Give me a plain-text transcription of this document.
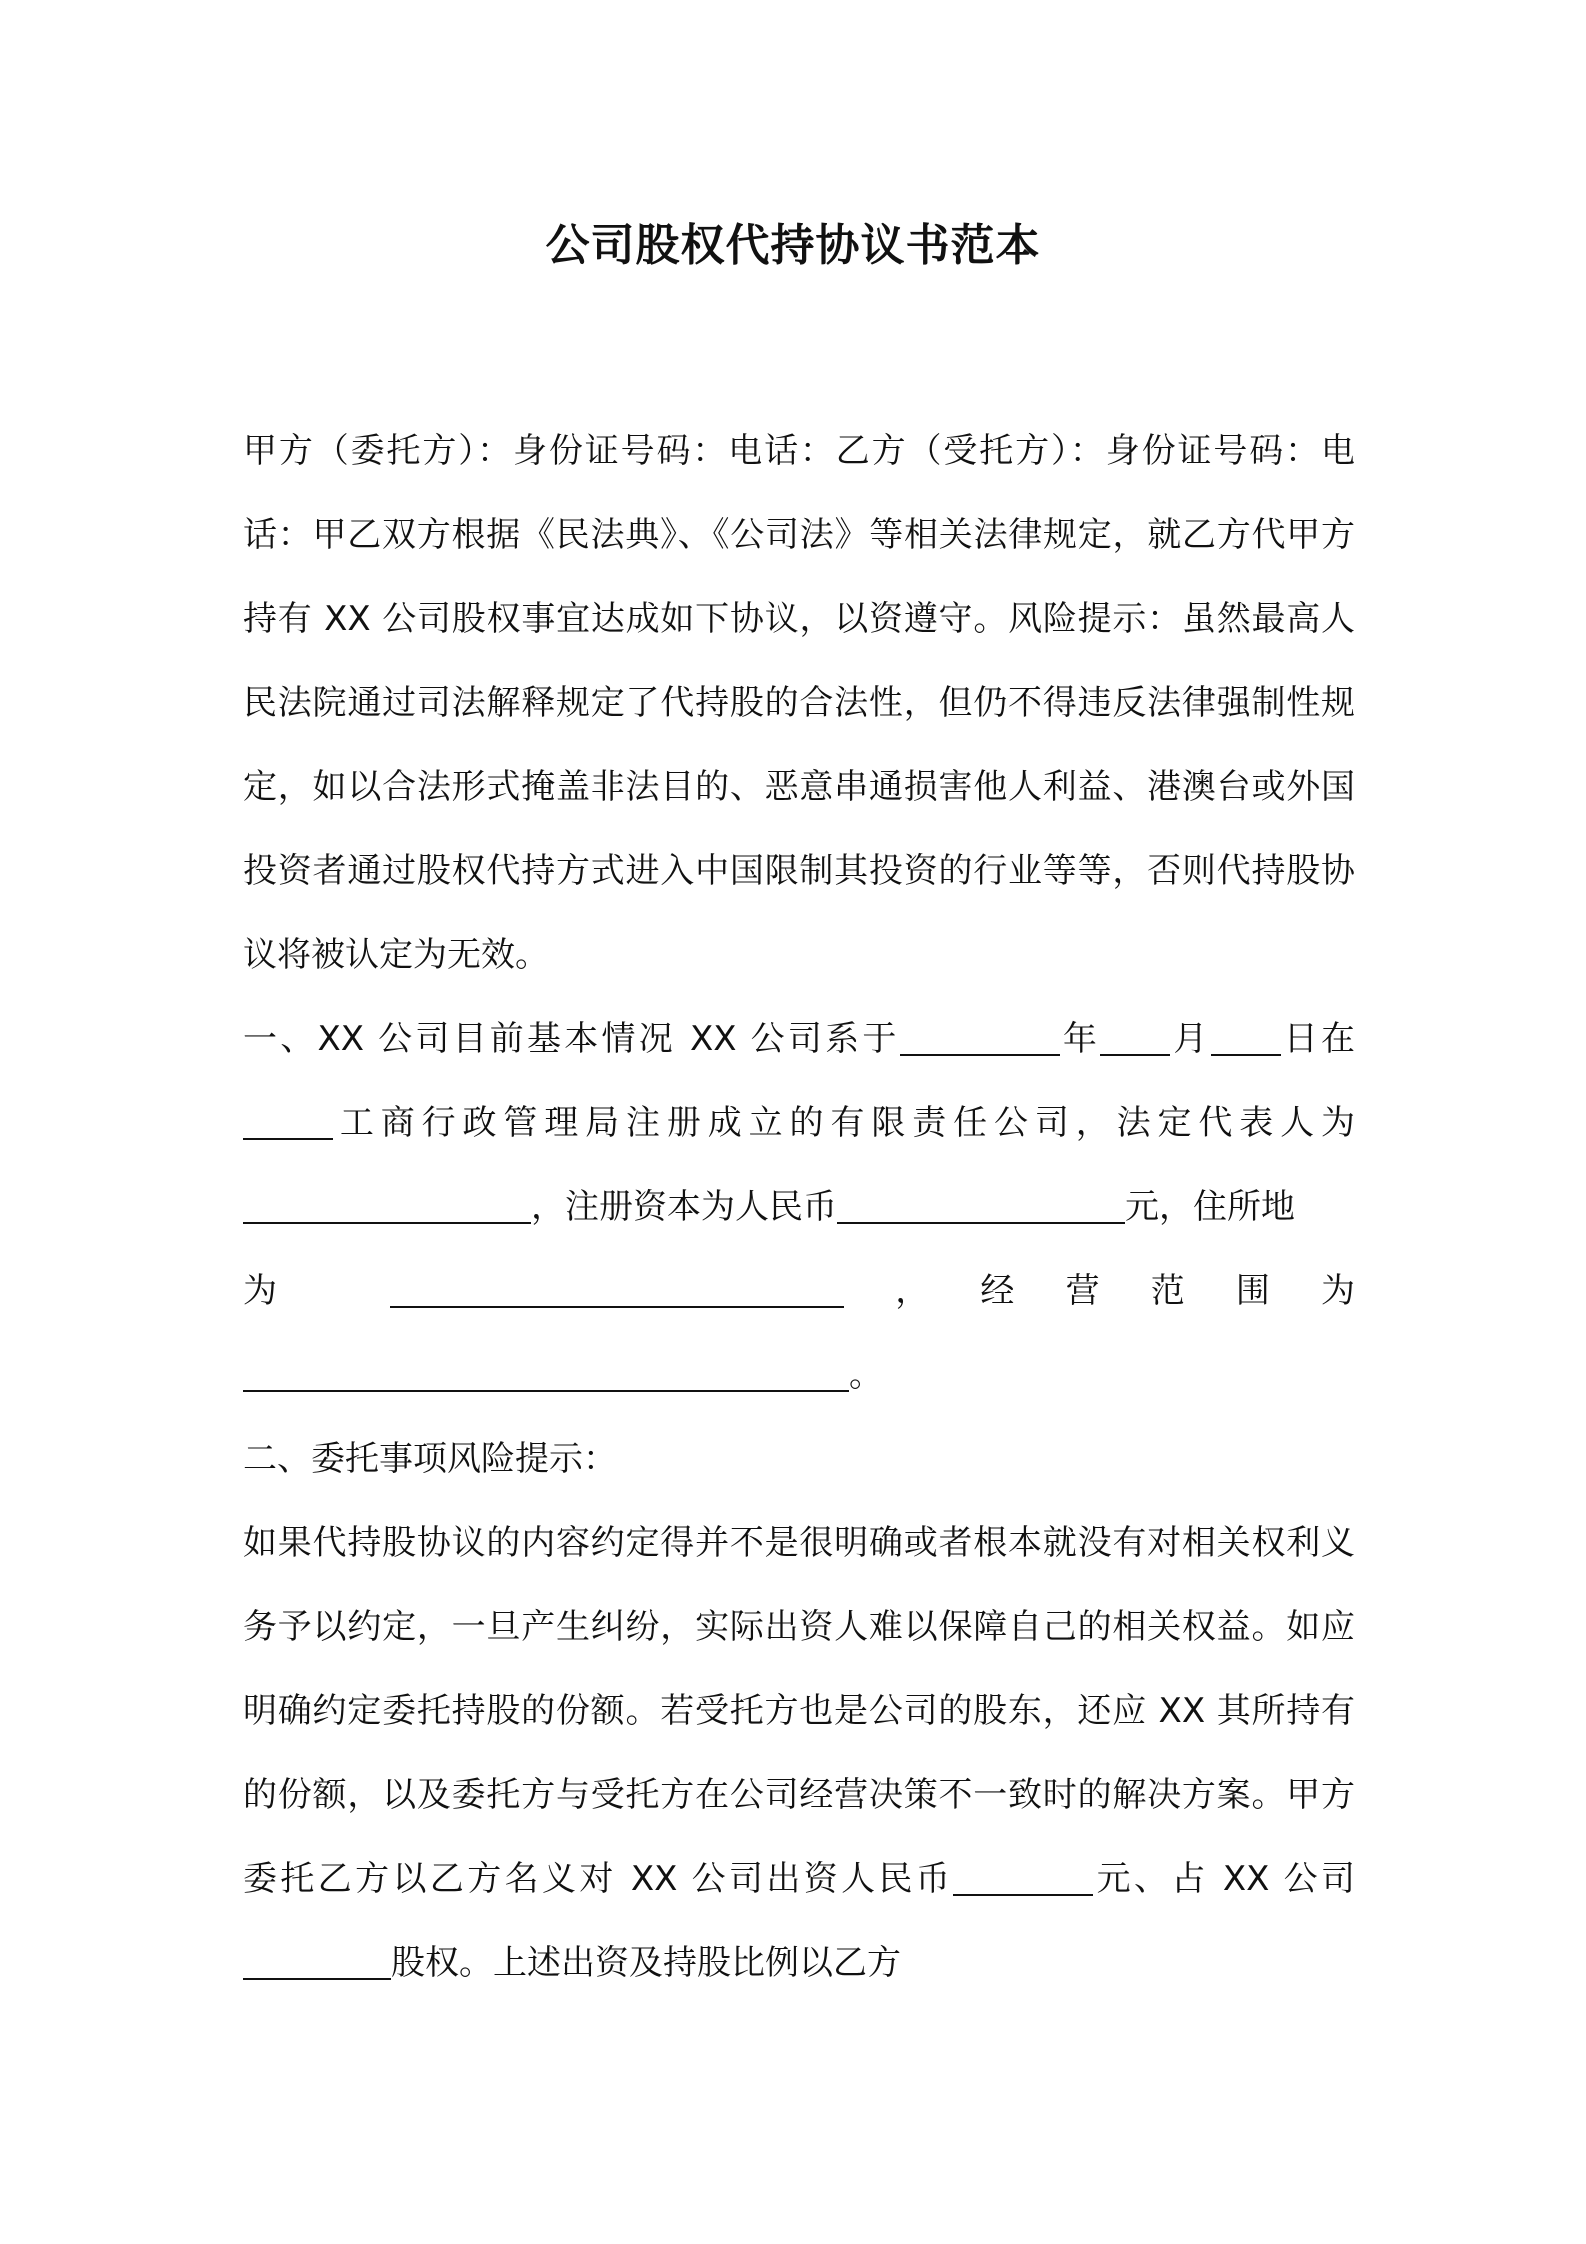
公司股权代持协议书范本

甲方（委托方）：身份证号码：电话：乙方（受托方）：身份证号码：电话：甲乙双方根据《民法典》、《公司法》等相关法律规定，就乙方代甲方持有 XX 公司股权事宜达成如下协议，以资遵守。风险提示：虽然最高人民法院通过司法解释规定了代持股的合法性，但仍不得违反法律强制性规定，如以合法形式掩盖非法目的、恶意串通损害他人利益、港澳台或外国投资者通过股权代持方式进入中国限制其投资的行业等等，否则代持股协议将被认定为无效。

一、XX 公司目前基本情况 XX 公司系于	年 月 日在工商行政管理局注册成立的有限责任公司，法定代表人为，注册资本为人民币	元，住所地

为	，经营范围为

。

二、委托事项风险提示：

如果代持股协议的内容约定得并不是很明确或者根本就没有对相关权利义务予以约定，一旦产生纠纷，实际出资人难以保障自己的相关权益。如应明确约定委托持股的份额。若受托方也是公司的股东，还应 XX 其所持有的份额，以及委托方与受托方在公司经营决策不一致时的解决方案。甲方委托乙方以乙方名义对 XX 公司出资人民币	元、占 XX 公司股权。上述出资及持股比例以乙方
